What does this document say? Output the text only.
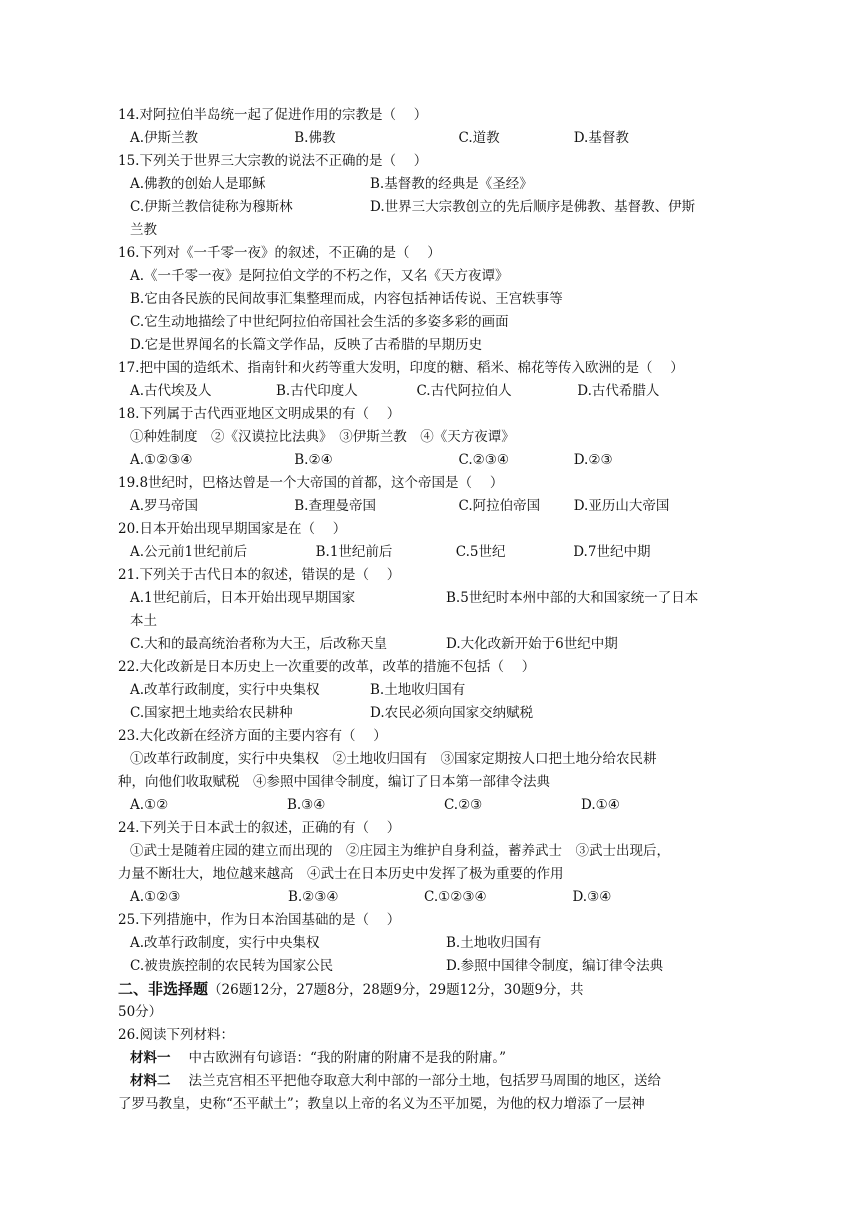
14.对阿拉伯半岛统一起了促进作用的宗教是（　 ）
A.伊斯兰教	B.佛教	C.道教	D.基督教
15.下列关于世界三大宗教的说法不正确的是（　 ）
A.佛教的创始人是耶稣	B.基督教的经典是《圣经》
C.伊斯兰教信徒称为穆斯林	D.世界三大宗教创立的先后顺序是佛教、基督教、伊斯
兰教
16.下列对《一千零一夜》的叙述，不正确的是（　 ）
A.《一千零一夜》是阿拉伯文学的不朽之作，又名《天方夜谭》
B.它由各民族的民间故事汇集整理而成，内容包括神话传说、王宫轶事等
C.它生动地描绘了中世纪阿拉伯帝国社会生活的多姿多彩的画面
D.它是世界闻名的长篇文学作品，反映了古希腊的早期历史
17.把中国的造纸术、指南针和火药等重大发明，印度的糖、稻米、棉花等传入欧洲的是（　 ）
A.古代埃及人	B.古代印度人	C.古代阿拉伯人	D.古代希腊人
18.下列属于古代西亚地区文明成果的有（　 ）
①种姓制度　②《汉谟拉比法典》　③伊斯兰教　④《天方夜谭》
A.①②③④	B.②④	C.②③④	D.②③
19.8世纪时，巴格达曾是一个大帝国的首都，这个帝国是（　 ）
A.罗马帝国	B.查理曼帝国	C.阿拉伯帝国	D.亚历山大帝国
20.日本开始出现早期国家是在（　 ）
A.公元前1世纪前后	B.1世纪前后	C.5世纪	D.7世纪中期
21.下列关于古代日本的叙述，错误的是（　 ）
A.1世纪前后，日本开始出现早期国家	B.5世纪时本州中部的大和国家统一了日本
本土
C.大和的最高统治者称为大王，后改称天皇	D.大化改新开始于6世纪中期
22.大化改新是日本历史上一次重要的改革，改革的措施不包括（　 ）
A.改革行政制度，实行中央集权	B.土地收归国有
C.国家把土地卖给农民耕种	D.农民必须向国家交纳赋税
23.大化改新在经济方面的主要内容有（　 ）
①改革行政制度，实行中央集权　②土地收归国有　③国家定期按人口把土地分给农民耕
种，向他们收取赋税　④参照中国律令制度，编订了日本第一部律令法典
A.①②	B.③④	C.②③	D.①④
24.下列关于日本武士的叙述，正确的有（　 ）
①武士是随着庄园的建立而出现的　②庄园主为维护自身利益，蓄养武士　③武士出现后，
力量不断壮大，地位越来越高　④武士在日本历史中发挥了极为重要的作用
A.①②③	B.②③④	C.①②③④	D.③④
25.下列措施中，作为日本治国基础的是（　 ）
A.改革行政制度，实行中央集权	B.土地收归国有
C.被贵族控制的农民转为国家公民	D.参照中国律令制度，编订律令法典
二、非选择题（26题12分，27题8分，28题9分，29题12分，30题9分，共
50分）
26.阅读下列材料：
材料一 中古欧洲有句谚语：“我的附庸的附庸不是我的附庸。”
材料二 法兰克宫相丕平把他夺取意大利中部的一部分土地，包括罗马周围的地区，送给
了罗马教皇，史称“丕平献土”；教皇以上帝的名义为丕平加冕，为他的权力增添了一层神
